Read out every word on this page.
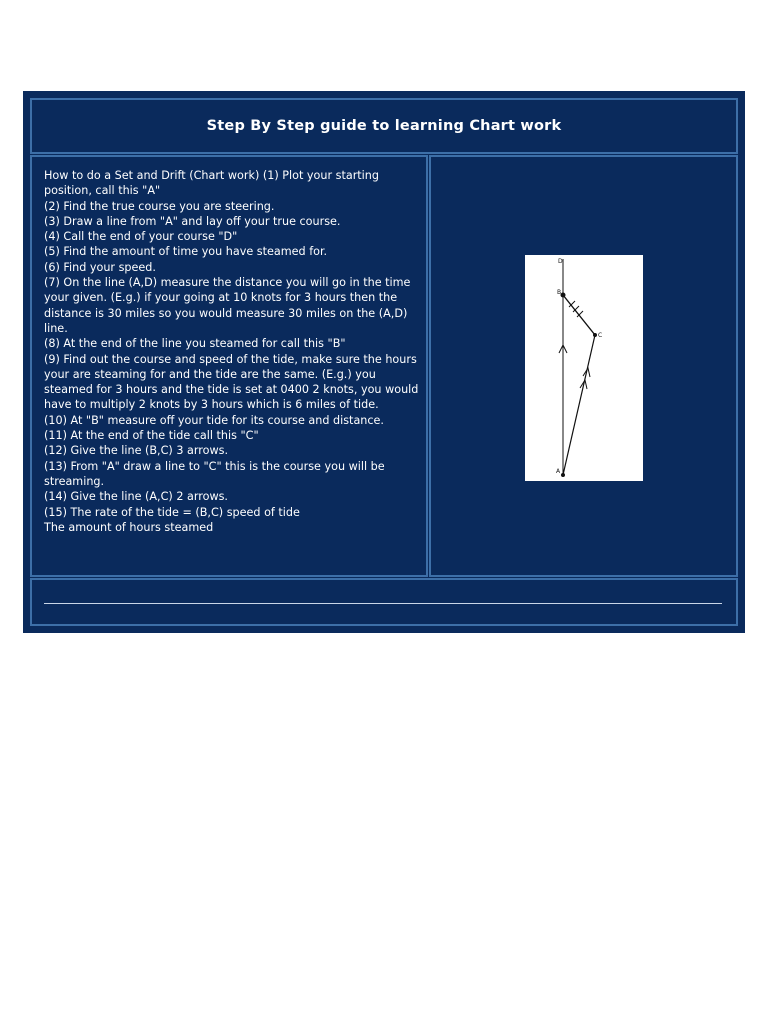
Step By Step guide to learning Chart work
How to do a Set and Drift (Chart work) (1) Plot your starting position, call this "A"
(2) Find the true course you are steering.
(3) Draw a line from "A" and lay off your true course.
(4) Call the end of your course "D"
(5) Find the amount of time you have steamed for.
(6) Find your speed.
(7) On the line (A,D) measure the distance you will go in the time your given. (E.g.) if your going at 10 knots for 3 hours then the distance is 30 miles so you would measure 30 miles on the (A,D) line.
(8) At the end of the line you steamed for call this "B"
(9) Find out the course and speed of the tide, make sure the hours your are steaming for and the tide are the same. (E.g.) you steamed for 3 hours and the tide is set at 0400 2 knots, you would have to multiply 2 knots by 3 hours which is 6 miles of tide.
(10) At "B" measure off your tide for its course and distance.
(11) At the end of the tide call this "C"
(12) Give the line (B,C) 3 arrows.
(13) From "A" draw a line to "C" this is the course you will be streaming.
(14) Give the line (A,C) 2 arrows.
(15) The rate of the tide = (B,C) speed of tide
The amount of hours steamed
D
B
C
A
